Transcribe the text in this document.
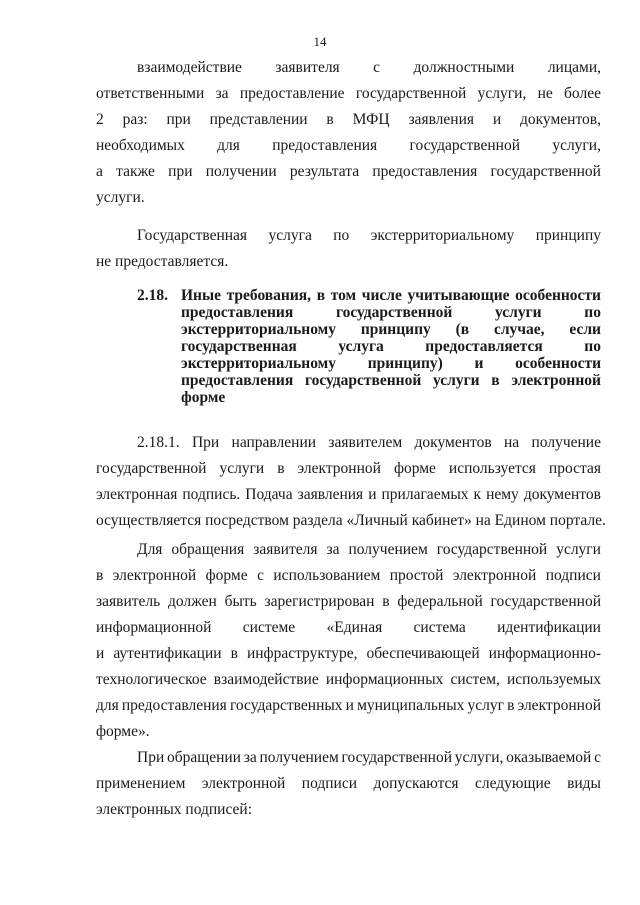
14
взаимодействие заявителя с должностными лицами,
ответственными за предоставление государственной услуги, не более
2 раз: при представлении в МФЦ заявления и документов,
необходимых для предоставления государственной услуги,
а также при получении результата предоставления государственной
услуги.
Государственная услуга по экстерриториальному принципу
не предоставляется.
2.18. Иные требования, в том числе учитывающие особенности
предоставления	государственной	услуги	по
экстерриториальному принципу (в случае, если
государственная	услуга	предоставляется	по
экстерриториальному принципу) и особенности
предоставления государственной услуги в электронной
форме
2.18.1. При направлении заявителем документов на получение
государственной услуги в электронной форме используется простая
электронная подпись. Подача заявления и прилагаемых к нему документов
осуществляется посредством раздела «Личный кабинет» на Едином портале.
Для обращения заявителя за получением государственной услуги
в электронной форме с использованием простой электронной подписи
заявитель должен быть зарегистрирован в федеральной государственной
информационной системе «Единая система идентификации
и аутентификации в инфраструктуре, обеспечивающей информационно-
технологическое взаимодействие информационных систем, используемых
для предоставления государственных и муниципальных услуг в электронной
форме».
При обращении за получением государственной услуги, оказываемой с
применением электронной подписи допускаются следующие виды
электронных подписей:
